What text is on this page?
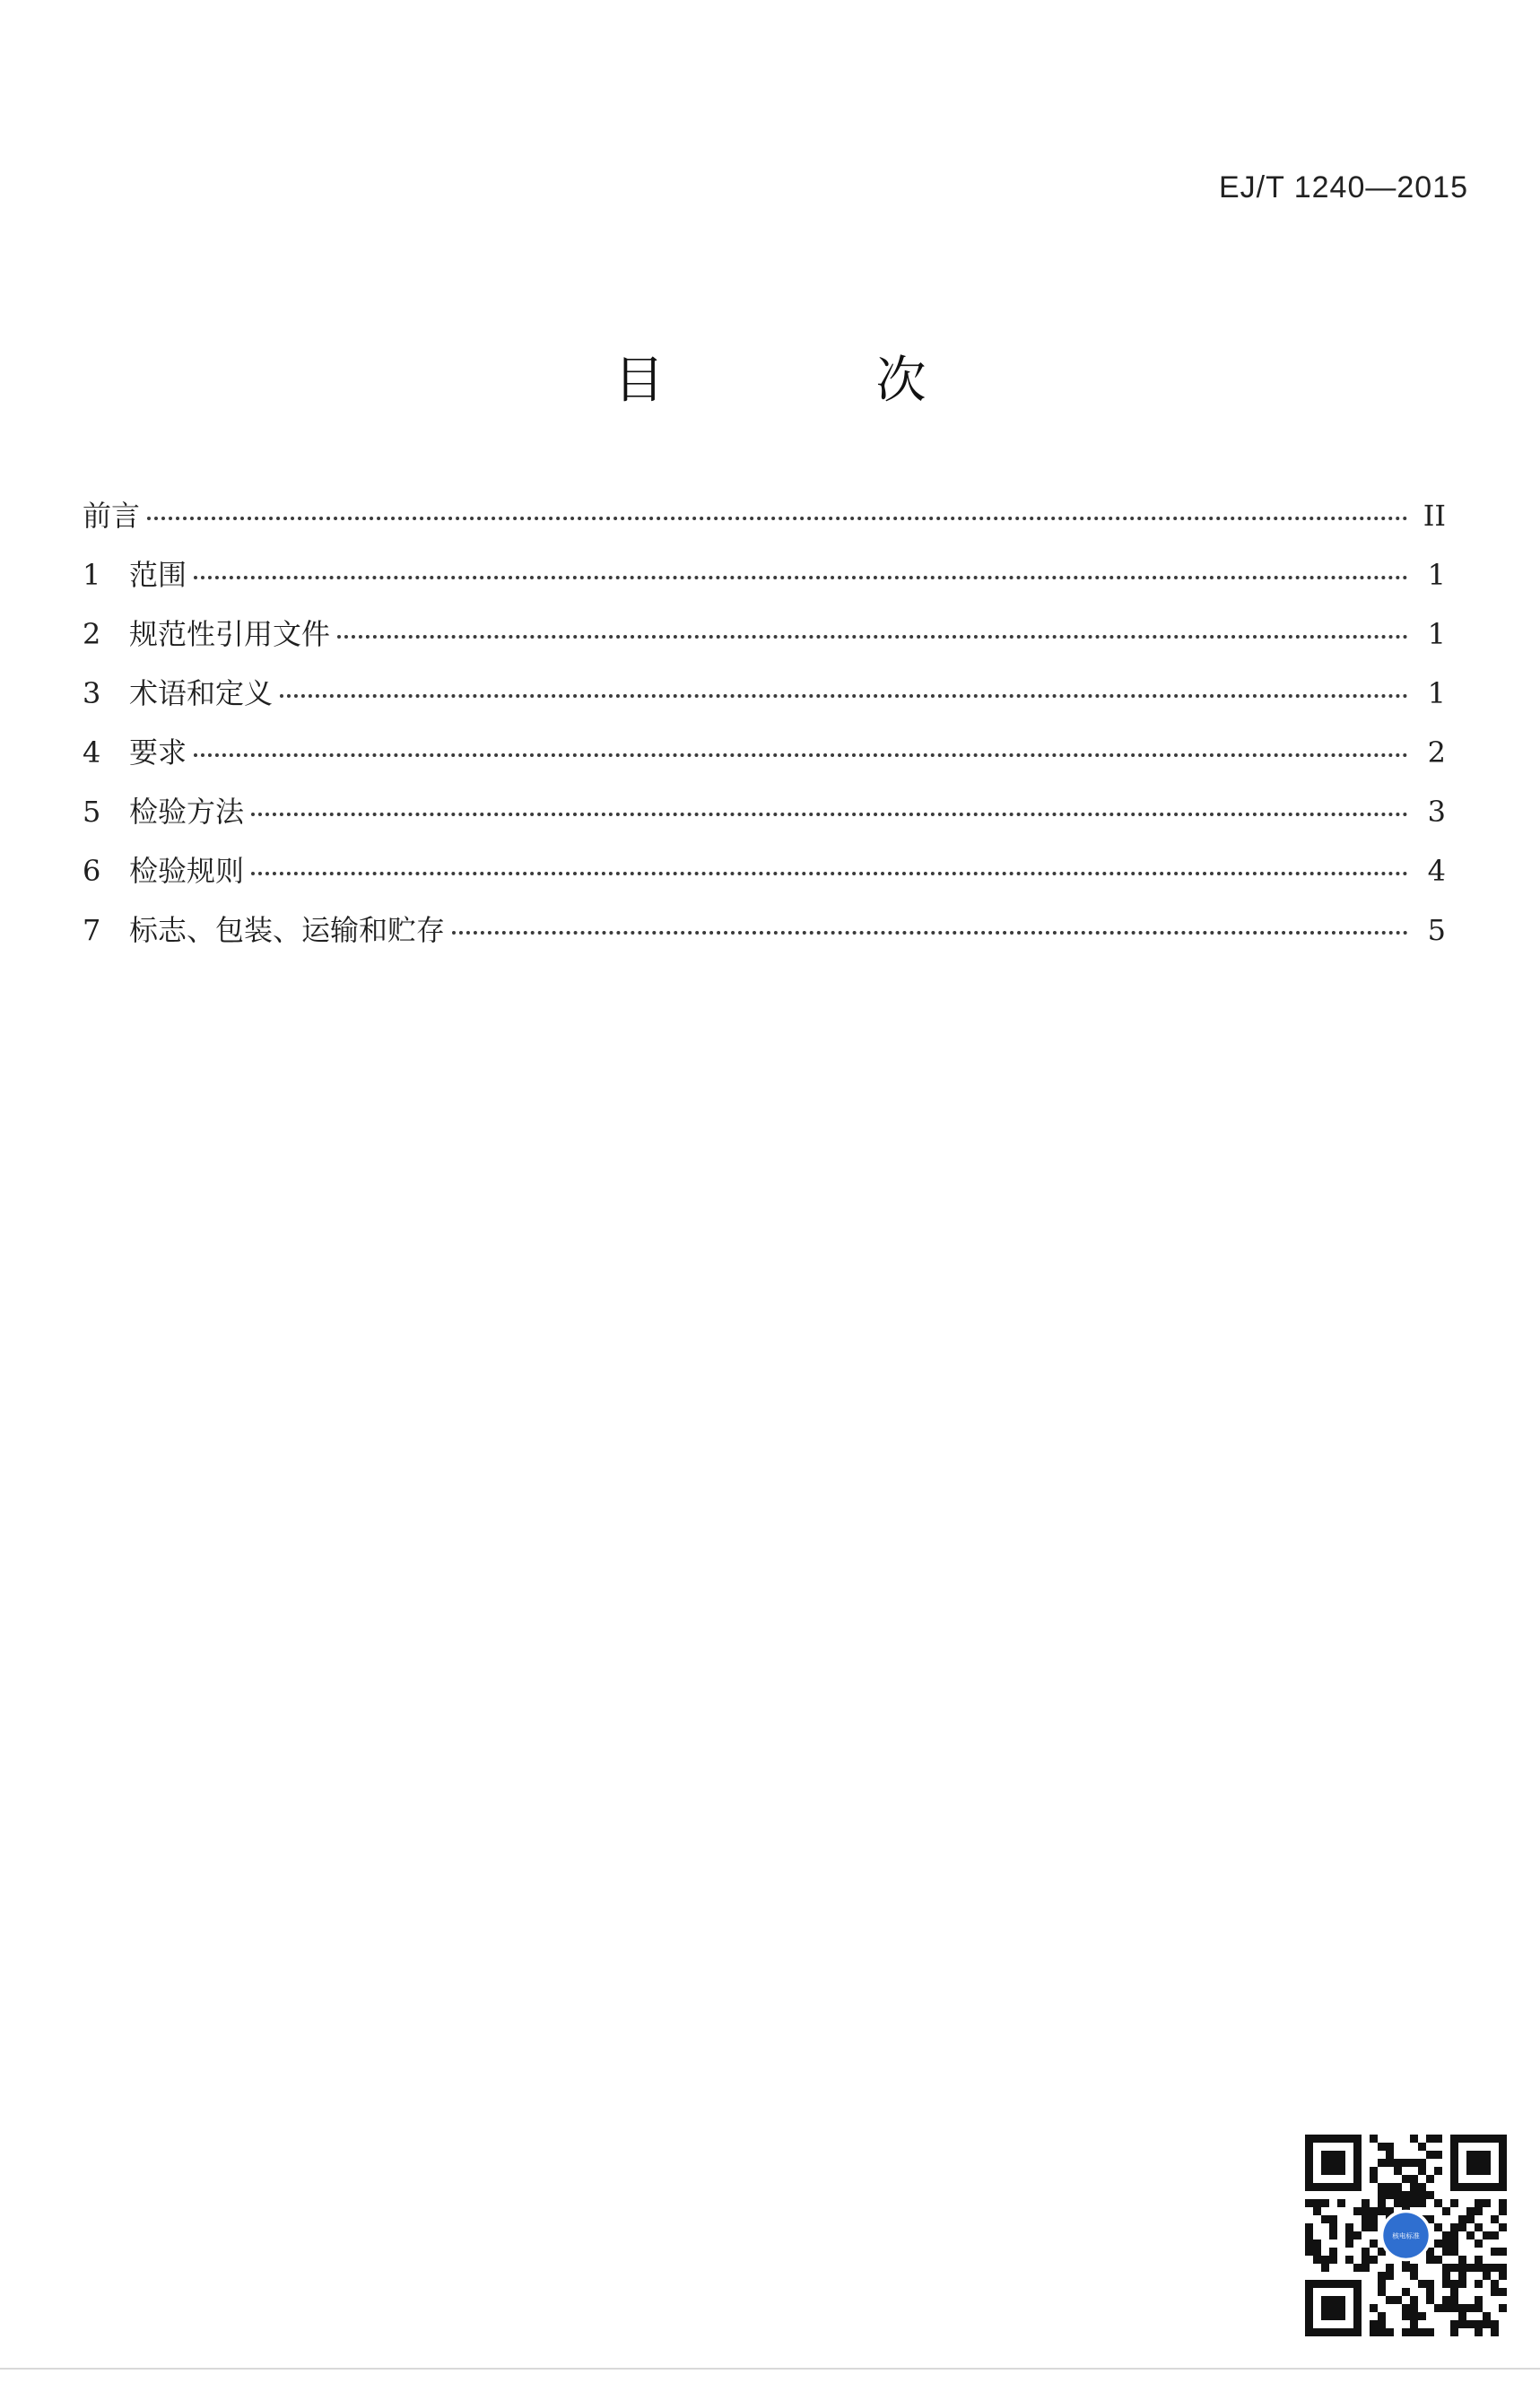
EJ/T 1240—2015
目　次
前言	II
1 范围	1
2 规范性引用文件	1
3 术语和定义	1
4 要求	2
5 检验方法	3
6 检验规则	4
7 标志、包装、运输和贮存	5
